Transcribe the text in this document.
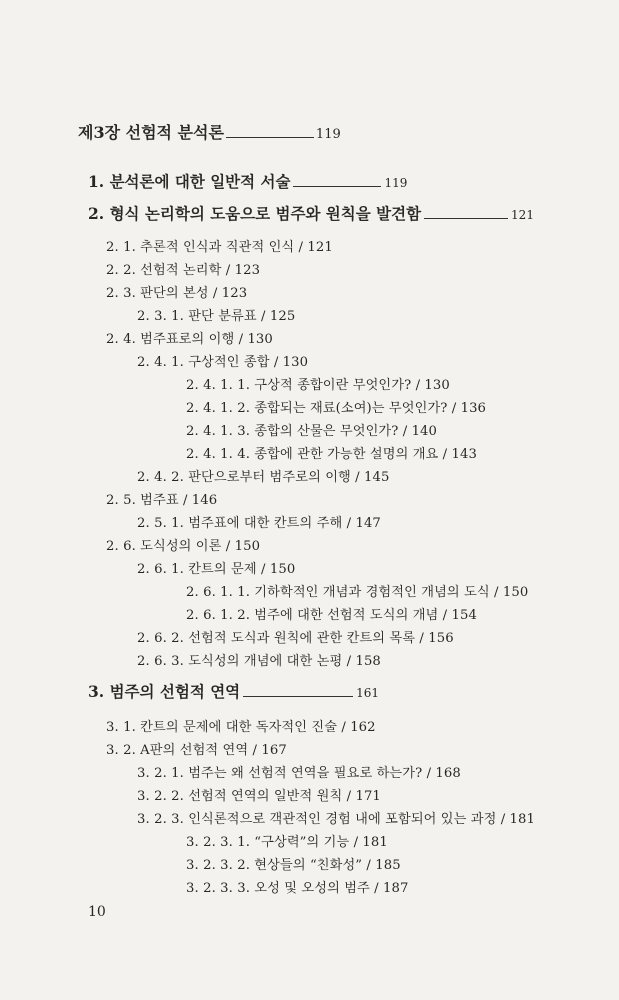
제3장 선험적 분석론	119
1. 분석론에 대한 일반적 서술	119
2. 형식 논리학의 도움으로 범주와 원칙을 발견함	121
2. 1. 추론적 인식과 직관적 인식 / 121
2. 2. 선험적 논리학 / 123
2. 3. 판단의 본성 / 123
2. 3. 1. 판단 분류표 / 125
2. 4. 범주표로의 이행 / 130
2. 4. 1. 구상적인 종합 / 130
2. 4. 1. 1. 구상적 종합이란 무엇인가? / 130
2. 4. 1. 2. 종합되는 재료(소여)는 무엇인가? / 136
2. 4. 1. 3. 종합의 산물은 무엇인가? / 140
2. 4. 1. 4. 종합에 관한 가능한 설명의 개요 / 143
2. 4. 2. 판단으로부터 범주로의 이행 / 145
2. 5. 범주표 / 146
2. 5. 1. 범주표에 대한 칸트의 주해 / 147
2. 6. 도식성의 이론 / 150
2. 6. 1. 칸트의 문제 / 150
2. 6. 1. 1. 기하학적인 개념과 경험적인 개념의 도식 / 150
2. 6. 1. 2. 범주에 대한 선험적 도식의 개념 / 154
2. 6. 2. 선험적 도식과 원칙에 관한 칸트의 목록 / 156
2. 6. 3. 도식성의 개념에 대한 논평 / 158
3. 범주의 선험적 연역	161
3. 1. 칸트의 문제에 대한 독자적인 진술 / 162
3. 2. A판의 선험적 연역 / 167
3. 2. 1. 범주는 왜 선험적 연역을 필요로 하는가? / 168
3. 2. 2. 선험적 연역의 일반적 원칙 / 171
3. 2. 3. 인식론적으로 객관적인 경험 내에 포함되어 있는 과정 / 181
3. 2. 3. 1. “구상력”의 기능 / 181
3. 2. 3. 2. 현상들의 “친화성” / 185
3. 2. 3. 3. 오성 및 오성의 범주 / 187
10
